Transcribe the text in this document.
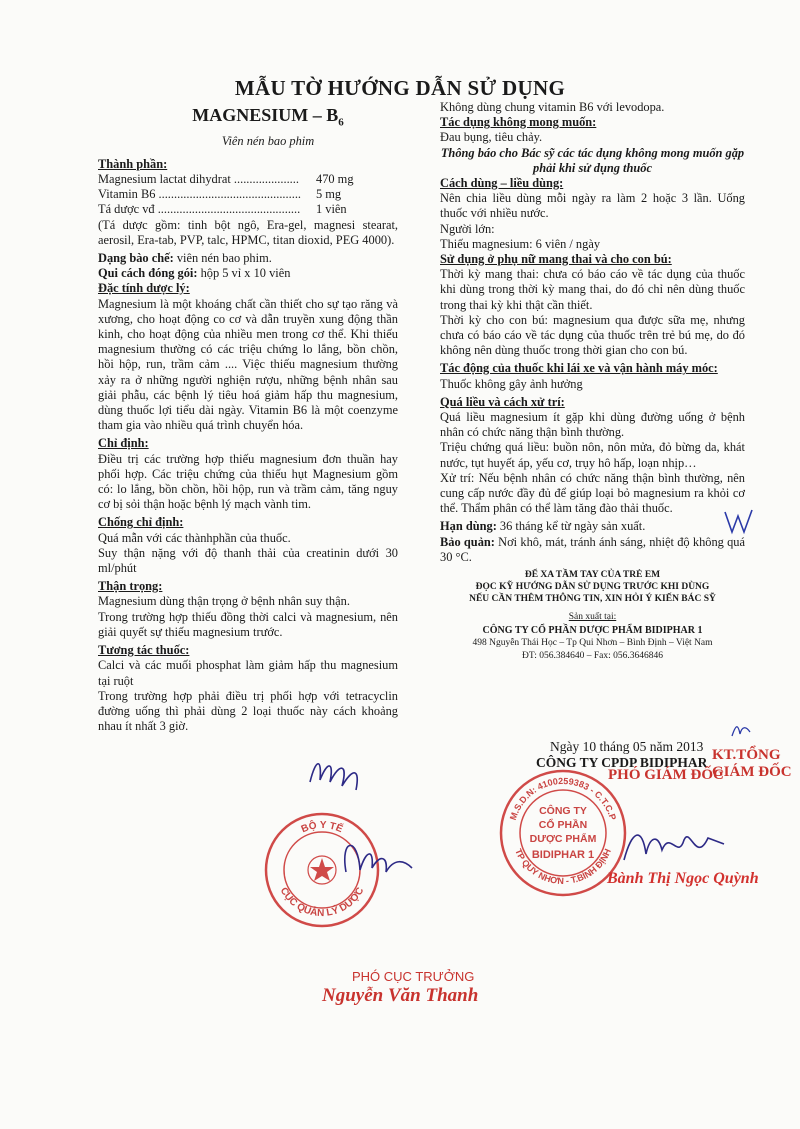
MẪU TỜ HƯỚNG DẪN SỬ DỤNG
MAGNESIUM – $B_6$
Viên nén bao phim
Thành phần:
Magnesium lactat dihydrat ..................... 470 mg
Vitamin B6 .............................................. 5 mg
Tá dược vđ .............................................. 1 viên

(Tá dược gồm: tinh bột ngô, Era-gel, magnesi stearat, aerosil, Era-tab, PVP, talc, HPMC, titan dioxid, PEG 4000).

Dạng bào chế: viên nén bao phim.

Qui cách đóng gói: hộp 5 vỉ x 10 viên

Đặc tính dược lý:

Magnesium là một khoáng chất cần thiết cho sự tạo răng và xương, cho hoạt động co cơ và dẫn truyền xung động thần kinh, cho hoạt động của nhiều men trong cơ thể. Khi thiếu magnesium thường có các triệu chứng lo lắng, bồn chồn, hồi hộp, run, trầm cảm .... Việc thiếu magnesium thường xảy ra ở những người nghiện rượu, những bệnh nhân sau giải phẫu, các bệnh lý tiêu hoá giảm hấp thu magnesium, dùng thuốc lợi tiểu dài ngày. Vitamin B6 là một coenzyme tham gia vào nhiều quá trình chuyển hóa.

Chỉ định:

Điều trị các trường hợp thiếu magnesium đơn thuần hay phối hợp. Các triệu chứng của thiếu hụt Magnesium gồm có: lo lắng, bồn chồn, hồi hộp, run và trầm cảm, tăng nguy cơ bị sỏi thận hoặc bệnh lý mạch vành tim.

Chống chỉ định:

Quá mẫn với các thànhphần của thuốc.

Suy thận nặng với độ thanh thải của creatinin dưới 30 ml/phút

Thận trọng:

Magnesium dùng thận trọng ở bệnh nhân suy thận.

Trong trường hợp thiếu đồng thời calci và magnesium, nên giải quyết sự thiếu magnesium trước.

Tương tác thuốc:

Calci và các muối phosphat làm giảm hấp thu magnesium tại ruột

Trong trường hợp phải điều trị phối hợp với tetracyclin đường uống thì phải dùng 2 loại thuốc này cách khoảng nhau ít nhất 3 giờ.

Không dùng chung vitamin B6 với levodopa.

Tác dụng không mong muốn:

Đau bụng, tiêu chảy.

Thông báo cho Bác sỹ các tác dụng không mong muốn gặp phải khi sử dụng thuốc
Cách dùng – liều dùng:

Nên chia liều dùng mỗi ngày ra làm 2 hoặc 3 lần. Uống thuốc với nhiều nước.

Người lớn:

Thiếu magnesium: 6 viên / ngày

Sử dụng ở phụ nữ mang thai và cho con bú:

Thời kỳ mang thai: chưa có báo cáo về tác dụng của thuốc khi dùng trong thời kỳ mang thai, do đó chỉ nên dùng thuốc trong thai kỳ khi thật cần thiết.

Thời kỳ cho con bú: magnesium qua được sữa mẹ, nhưng chưa có báo cáo về tác dụng của thuốc trên trẻ bú mẹ, do đó không nên dùng thuốc trong thời gian cho con bú.

Tác động của thuốc khi lái xe và vận hành máy móc:

Thuốc không gây ảnh hưởng

Quá liều và cách xử trí:

Quá liều magnesium ít gặp khi dùng đường uống ở bệnh nhân có chức năng thận bình thường.

Triệu chứng quá liều: buồn nôn, nôn mửa, đỏ bừng da, khát nước, tụt huyết áp, yếu cơ, trụy hô hấp, loạn nhịp…

Xử trí: Nếu bệnh nhân có chức năng thận bình thường, nên cung cấp nước đầy đủ để giúp loại bỏ magnesium ra khỏi cơ thể. Thẩm phân có thể làm tăng đào thải thuốc.

Hạn dùng: 36 tháng kể từ ngày sản xuất.

Bảo quản: Nơi khô, mát, tránh ánh sáng, nhiệt độ không quá 30 °C.

ĐỂ XA TẦM TAY CỦA TRẺ EM
ĐỌC KỸ HƯỚNG DẪN SỬ DỤNG TRƯỚC KHI DÙNG
NẾU CẦN THÊM THÔNG TIN, XIN HỎI Ý KIẾN BÁC SỸ
Sản xuất tại:
CÔNG TY CỔ PHẦN DƯỢC PHẨM BIDIPHAR 1
498 Nguyễn Thái Học – Tp Qui Nhơn – Bình Định – Việt Nam
ĐT: 056.384640 – Fax: 056.3646846
Ngày 10 tháng 05 năm 2013
CÔNG TY CPDP BIDIPHAR KT.TỔNG GIÁM ĐỐC
PHÓ GIÁM ĐỐC
M.S.D.N: 4100259383 - C.T.C.P
TP QUY NHƠN - T.BÌNH ĐỊNH
CÔNG TY
CỔ PHẦN
DƯỢC PHẨM
BIDIPHAR 1
Bành Thị Ngọc Quỳnh
BỘ Y TẾ
CỤC QUẢN LÝ DƯỢC
PHÓ CỤC TRƯỞNG
Nguyễn Văn Thanh
